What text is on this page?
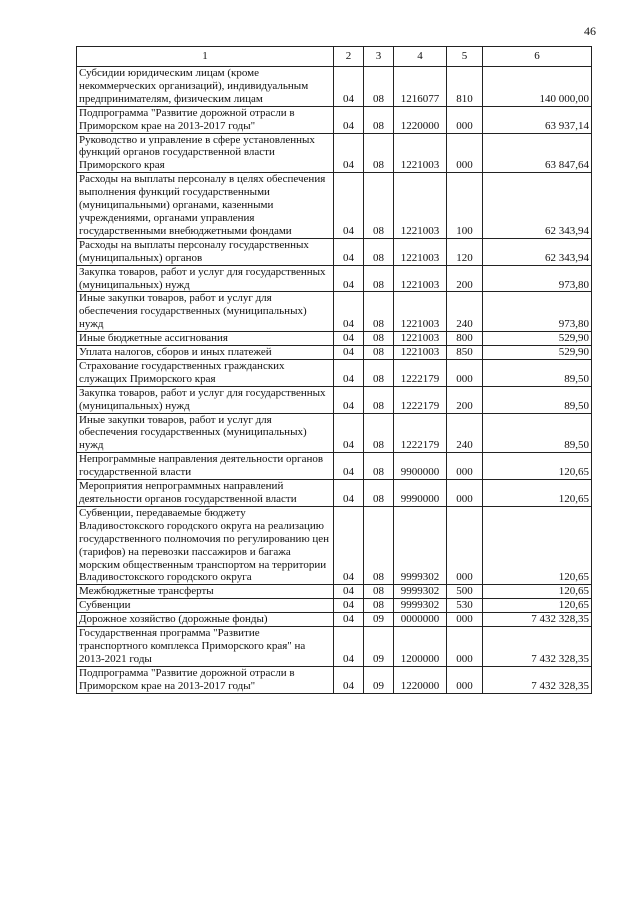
46
1	2	3	4	5	6
Субсидии юридическим лицам (кроме некоммерческих организаций), индивидуальным предпринимателям, физическим лицам	04	08	1216077	810	140 000,00
Подпрограмма "Развитие дорожной отрасли в Приморском крае на 2013-2017 годы"	04	08	1220000	000	63 937,14
Руководство и управление в сфере установленных функций органов государственной власти Приморского края	04	08	1221003	000	63 847,64
Расходы на выплаты персоналу в целях обеспечения выполнения функций государственными (муниципальными) органами, казенными учреждениями, органами управления государственными внебюджетными фондами	04	08	1221003	100	62 343,94
Расходы на выплаты персоналу государственных (муниципальных) органов	04	08	1221003	120	62 343,94
Закупка товаров, работ и услуг для государственных (муниципальных) нужд	04	08	1221003	200	973,80
Иные закупки товаров, работ и услуг для обеспечения государственных (муниципальных) нужд	04	08	1221003	240	973,80
Иные бюджетные ассигнования	04	08	1221003	800	529,90
Уплата налогов, сборов и иных платежей	04	08	1221003	850	529,90
Страхование государственных гражданских служащих Приморского края	04	08	1222179	000	89,50
Закупка товаров, работ и услуг для государственных (муниципальных) нужд	04	08	1222179	200	89,50
Иные закупки товаров, работ и услуг для обеспечения государственных (муниципальных) нужд	04	08	1222179	240	89,50
Непрограммные направления деятельности органов государственной власти	04	08	9900000	000	120,65
Мероприятия непрограммных направлений деятельности органов государственной власти	04	08	9990000	000	120,65
Субвенции, передаваемые бюджету Владивостокского городского округа на реализацию государственного полномочия по регулированию цен (тарифов) на перевозки пассажиров и багажа морским общественным транспортом на территории Владивостокского городского округа	04	08	9999302	000	120,65
Межбюджетные трансферты	04	08	9999302	500	120,65
Субвенции	04	08	9999302	530	120,65
Дорожное хозяйство (дорожные фонды)	04	09	0000000	000	7 432 328,35
Государственная программа "Развитие транспортного комплекса Приморского края" на 2013-2021 годы	04	09	1200000	000	7 432 328,35
Подпрограмма "Развитие дорожной отрасли в Приморском крае на 2013-2017 годы"	04	09	1220000	000	7 432 328,35
